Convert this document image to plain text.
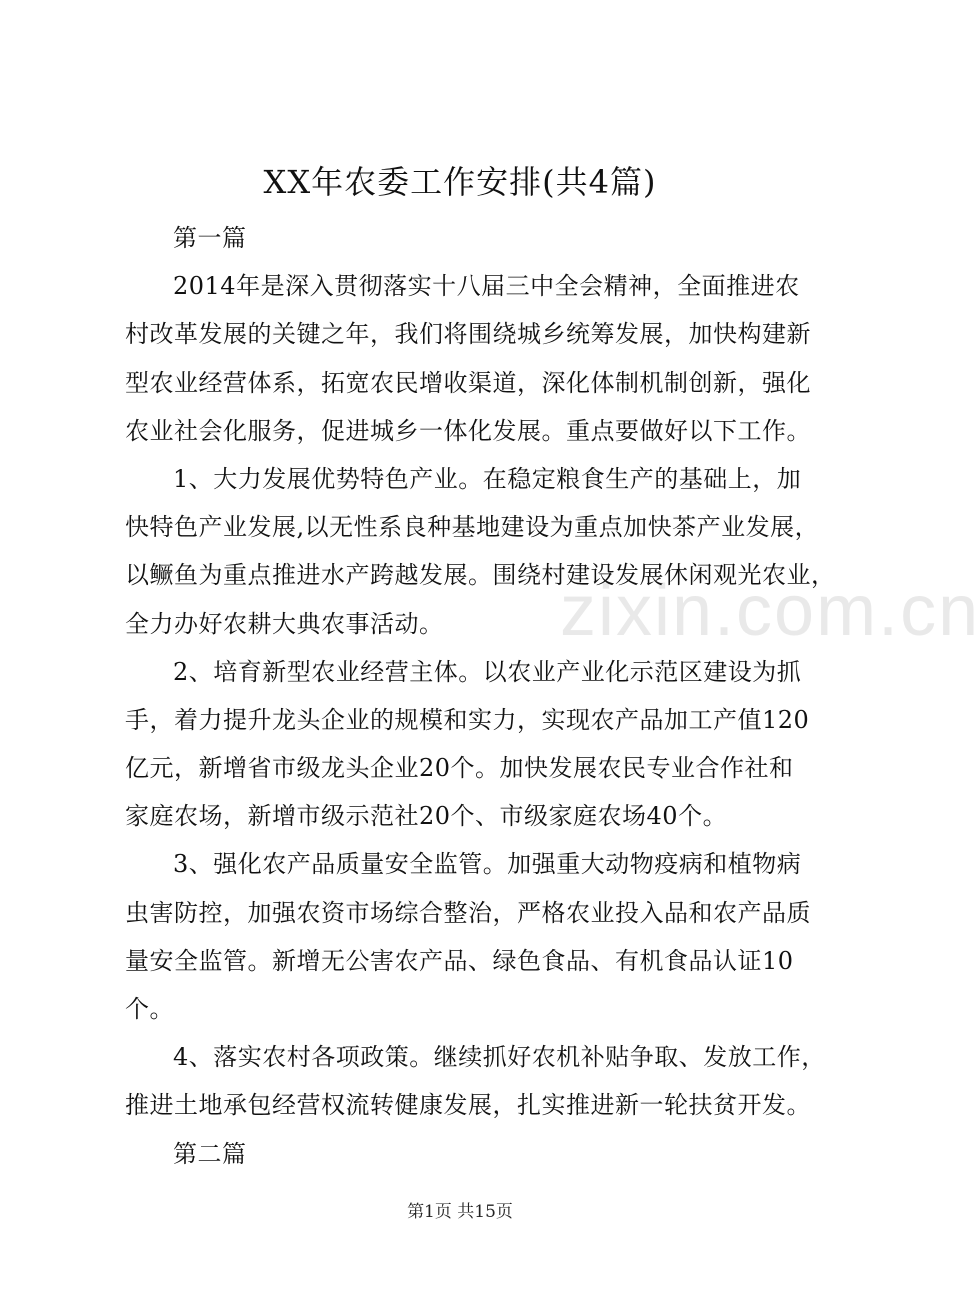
zixin.com.cn
XX年农委工作安排(共4篇)
第一篇
2014年是深入贯彻落实十八届三中全会精神，全面推进农
村改革发展的关键之年，我们将围绕城乡统筹发展，加快构建新
型农业经营体系，拓宽农民增收渠道，深化体制机制创新，强化
农业社会化服务，促进城乡一体化发展。重点要做好以下工作。
1、大力发展优势特色产业。在稳定粮食生产的基础上，加
快特色产业发展,以无性系良种基地建设为重点加快茶产业发展，
以鳜鱼为重点推进水产跨越发展。围绕村建设发展休闲观光农业，
全力办好农耕大典农事活动。
2、培育新型农业经营主体。以农业产业化示范区建设为抓
手，着力提升龙头企业的规模和实力，实现农产品加工产值120
亿元，新增省市级龙头企业20个。加快发展农民专业合作社和
家庭农场，新增市级示范社20个、市级家庭农场40个。
3、强化农产品质量安全监管。加强重大动物疫病和植物病
虫害防控，加强农资市场综合整治，严格农业投入品和农产品质
量安全监管。新增无公害农产品、绿色食品、有机食品认证10
个。
4、落实农村各项政策。继续抓好农机补贴争取、发放工作，
推进土地承包经营权流转健康发展，扎实推进新一轮扶贫开发。
第二篇
第1页 共15页
